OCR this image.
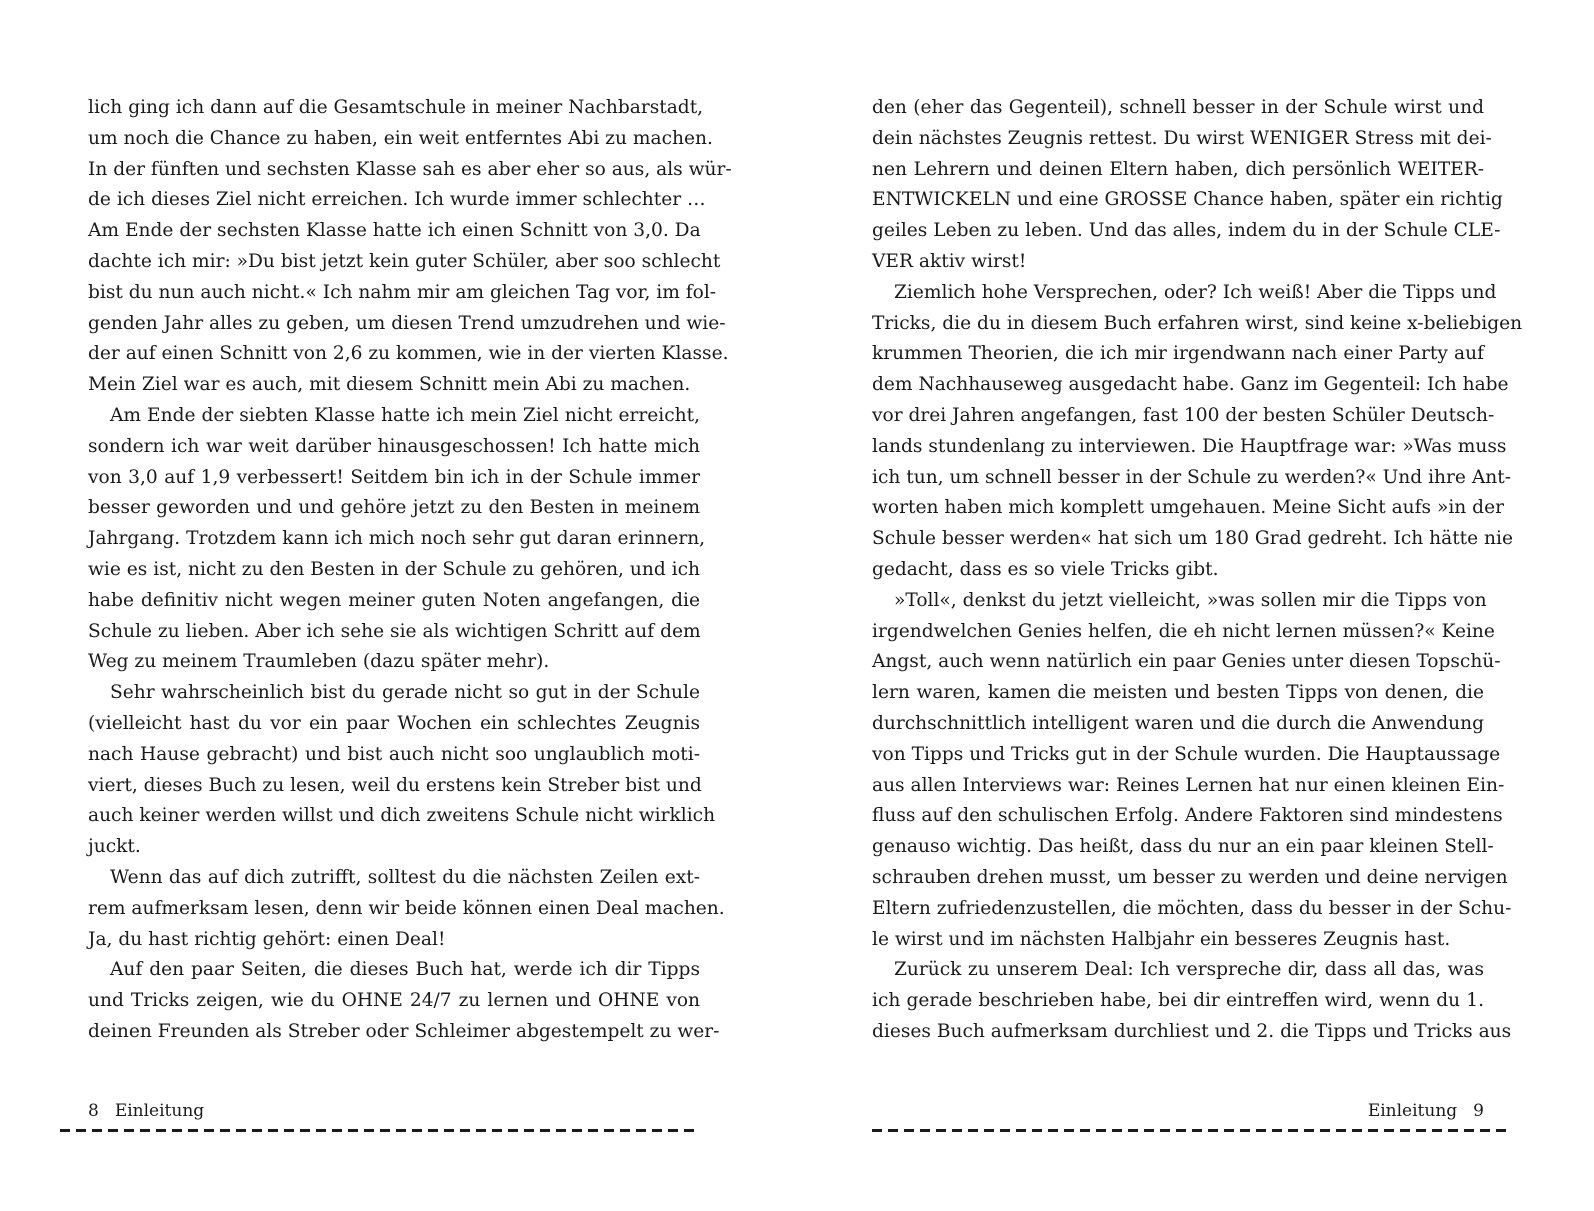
lich ging ich dann auf die Gesamtschule in meiner Nachbarstadt,
um noch die Chance zu haben, ein weit entferntes Abi zu machen.
In der fünften und sechsten Klasse sah es aber eher so aus, als wür-
de ich dieses Ziel nicht erreichen. Ich wurde immer schlechter …
Am Ende der sechsten Klasse hatte ich einen Schnitt von 3,0. Da
dachte ich mir: »Du bist jetzt kein guter Schüler, aber soo schlecht
bist du nun auch nicht.« Ich nahm mir am gleichen Tag vor, im fol-
genden Jahr alles zu geben, um diesen Trend umzudrehen und wie-
der auf einen Schnitt von 2,6 zu kommen, wie in der vierten Klasse.
Mein Ziel war es auch, mit diesem Schnitt mein Abi zu machen.
Am Ende der siebten Klasse hatte ich mein Ziel nicht erreicht,
sondern ich war weit darüber hinausgeschossen! Ich hatte mich
von 3,0 auf 1,9 verbessert! Seitdem bin ich in der Schule immer
besser geworden und und gehöre jetzt zu den Besten in meinem
Jahrgang. Trotzdem kann ich mich noch sehr gut daran erinnern,
wie es ist, nicht zu den Besten in der Schule zu gehören, und ich
habe definitiv nicht wegen meiner guten Noten angefangen, die
Schule zu lieben. Aber ich sehe sie als wichtigen Schritt auf dem
Weg zu meinem Traumleben (dazu später mehr).
Sehr wahrscheinlich bist du gerade nicht so gut in der Schule
(vielleicht hast du vor ein paar Wochen ein schlechtes Zeugnis
nach Hause gebracht) und bist auch nicht soo unglaublich moti-
viert, dieses Buch zu lesen, weil du erstens kein Streber bist und
auch keiner werden willst und dich zweitens Schule nicht wirklich
juckt.
Wenn das auf dich zutrifft, solltest du die nächsten Zeilen ext-
rem aufmerksam lesen, denn wir beide können einen Deal machen.
Ja, du hast richtig gehört: einen Deal!
Auf den paar Seiten, die dieses Buch hat, werde ich dir Tipps
und Tricks zeigen, wie du OHNE 24/7 zu lernen und OHNE von
deinen Freunden als Streber oder Schleimer abgestempelt zu wer-
den (eher das Gegenteil), schnell besser in der Schule wirst und
dein nächstes Zeugnis rettest. Du wirst WENIGER Stress mit dei-
nen Lehrern und deinen Eltern haben, dich persönlich WEITER-
ENTWICKELN und eine GROSSE Chance haben, später ein richtig
geiles Leben zu leben. Und das alles, indem du in der Schule CLE-
VER aktiv wirst!
Ziemlich hohe Versprechen, oder? Ich weiß! Aber die Tipps und
Tricks, die du in diesem Buch erfahren wirst, sind keine x-beliebigen
krummen Theorien, die ich mir irgendwann nach einer Party auf
dem Nachhauseweg ausgedacht habe. Ganz im Gegenteil: Ich habe
vor drei Jahren angefangen, fast 100 der besten Schüler Deutsch-
lands stundenlang zu interviewen. Die Hauptfrage war: »Was muss
ich tun, um schnell besser in der Schule zu werden?« Und ihre Ant-
worten haben mich komplett umgehauen. Meine Sicht aufs »in der
Schule besser werden« hat sich um 180 Grad gedreht. Ich hätte nie
gedacht, dass es so viele Tricks gibt.
»Toll«, denkst du jetzt vielleicht, »was sollen mir die Tipps von
irgendwelchen Genies helfen, die eh nicht lernen müssen?« Keine
Angst, auch wenn natürlich ein paar Genies unter diesen Topschü-
lern waren, kamen die meisten und besten Tipps von denen, die
durchschnittlich intelligent waren und die durch die Anwendung
von Tipps und Tricks gut in der Schule wurden. Die Hauptaussage
aus allen Interviews war: Reines Lernen hat nur einen kleinen Ein-
fluss auf den schulischen Erfolg. Andere Faktoren sind mindestens
genauso wichtig. Das heißt, dass du nur an ein paar kleinen Stell-
schrauben drehen musst, um besser zu werden und deine nervigen
Eltern zufriedenzustellen, die möchten, dass du besser in der Schu-
le wirst und im nächsten Halbjahr ein besseres Zeugnis hast.
Zurück zu unserem Deal: Ich verspreche dir, dass all das, was
ich gerade beschrieben habe, bei dir eintreffen wird, wenn du 1.
dieses Buch aufmerksam durchliest und 2. die Tipps und Tricks aus
8 Einleitung	Einleitung 9
